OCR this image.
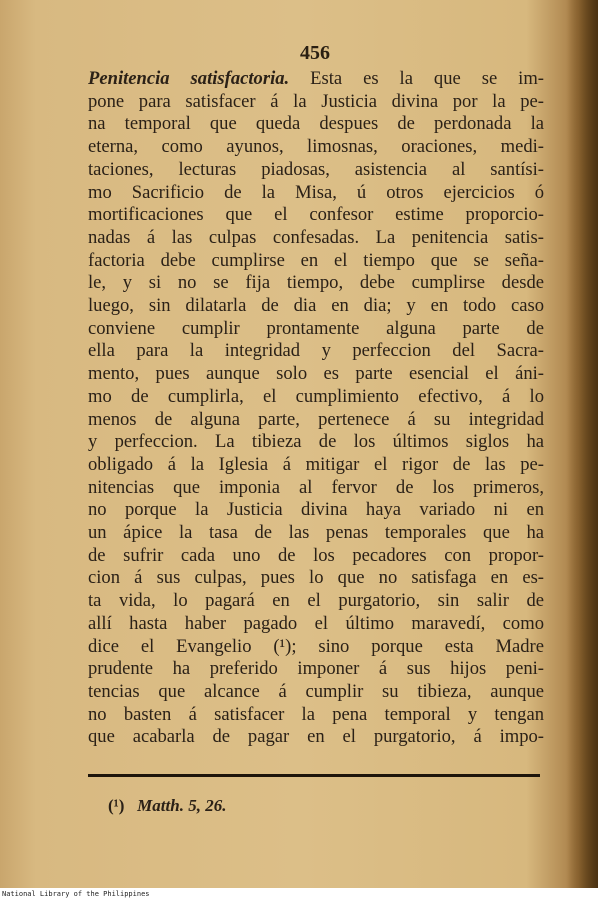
456
Penitencia satisfactoria. Esta es la que se im-
pone para satisfacer á la Justicia divina por la pe-
na temporal que queda despues de perdonada la
eterna, como ayunos, limosnas, oraciones, medi-
taciones, lecturas piadosas, asistencia al santísi-
mo Sacrificio de la Misa, ú otros ejercicios ó
mortificaciones que el confesor estime proporcio-
nadas á las culpas confesadas. La penitencia satis-
factoria debe cumplirse en el tiempo que se seña-
le, y si no se fija tiempo, debe cumplirse desde
luego, sin dilatarla de dia en dia; y en todo caso
conviene cumplir prontamente alguna parte de
ella para la integridad y perfeccion del Sacra-
mento, pues aunque solo es parte esencial el áni-
mo de cumplirla, el cumplimiento efectivo, á lo
menos de alguna parte, pertenece á su integridad
y perfeccion. La tibieza de los últimos siglos ha
obligado á la Iglesia á mitigar el rigor de las pe-
nitencias que imponia al fervor de los primeros,
no porque la Justicia divina haya variado ni en
un ápice la tasa de las penas temporales que ha
de sufrir cada uno de los pecadores con propor-
cion á sus culpas, pues lo que no satisfaga en es-
ta vida, lo pagará en el purgatorio, sin salir de
allí hasta haber pagado el último maravedí, como
dice el Evangelio (¹); sino porque esta Madre
prudente ha preferido imponer á sus hijos peni-
tencias que alcance á cumplir su tibieza, aunque
no basten á satisfacer la pena temporal y tengan
que acabarla de pagar en el purgatorio, á impo-
(¹) Matth. 5, 26.
National Library of the Philippines
